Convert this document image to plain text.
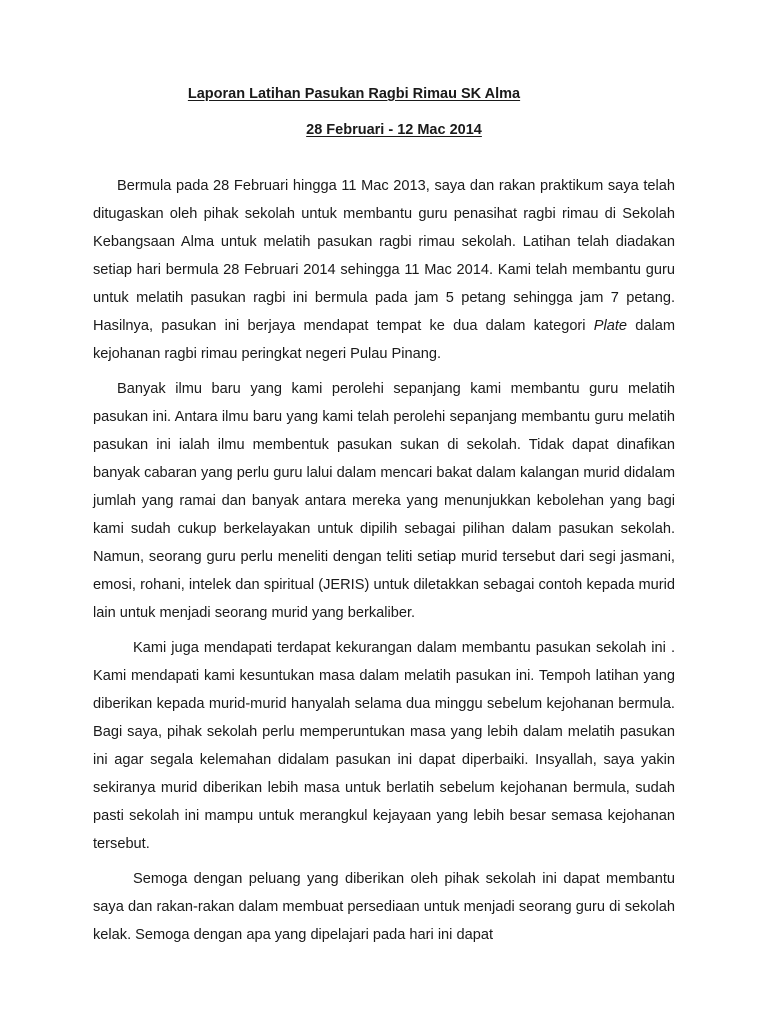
Laporan Latihan Pasukan Ragbi Rimau SK Alma
28 Februari - 12 Mac 2014

Bermula pada 28 Februari hingga 11 Mac 2013, saya dan rakan praktikum saya telah ditugaskan oleh pihak sekolah untuk membantu guru penasihat ragbi rimau di Sekolah Kebangsaan Alma untuk melatih pasukan ragbi rimau sekolah. Latihan telah diadakan setiap hari bermula 28 Februari 2014 sehingga 11 Mac 2014. Kami telah membantu guru untuk melatih pasukan ragbi ini bermula pada jam 5 petang sehingga jam 7 petang. Hasilnya, pasukan ini berjaya mendapat tempat ke dua dalam kategori Plate dalam kejohanan ragbi rimau peringkat negeri Pulau Pinang.

Banyak ilmu baru yang kami perolehi sepanjang kami membantu guru melatih pasukan ini. Antara ilmu baru yang kami telah perolehi sepanjang membantu guru melatih pasukan ini ialah ilmu membentuk pasukan sukan di sekolah. Tidak dapat dinafikan banyak cabaran yang perlu guru lalui dalam mencari bakat dalam kalangan murid didalam jumlah yang ramai dan banyak antara mereka yang menunjukkan kebolehan yang bagi kami sudah cukup berkelayakan untuk dipilih sebagai pilihan dalam pasukan sekolah. Namun, seorang guru perlu meneliti dengan teliti setiap murid tersebut dari segi jasmani, emosi, rohani, intelek dan spiritual (JERIS) untuk diletakkan sebagai contoh kepada murid lain untuk menjadi seorang murid yang berkaliber.

Kami juga mendapati terdapat kekurangan dalam membantu pasukan sekolah ini . Kami mendapati kami kesuntukan masa dalam melatih pasukan ini. Tempoh latihan yang diberikan kepada murid-murid hanyalah selama dua minggu sebelum kejohanan bermula. Bagi saya, pihak sekolah perlu memperuntukan masa yang lebih dalam melatih pasukan ini agar segala kelemahan didalam pasukan ini dapat diperbaiki. Insyallah, saya yakin sekiranya murid diberikan lebih masa untuk berlatih sebelum kejohanan bermula, sudah pasti sekolah ini mampu untuk merangkul kejayaan yang lebih besar semasa kejohanan tersebut.

Semoga dengan peluang yang diberikan oleh pihak sekolah ini dapat membantu saya dan rakan-rakan dalam membuat persediaan untuk menjadi seorang guru di sekolah kelak. Semoga dengan apa yang dipelajari pada hari ini dapat
